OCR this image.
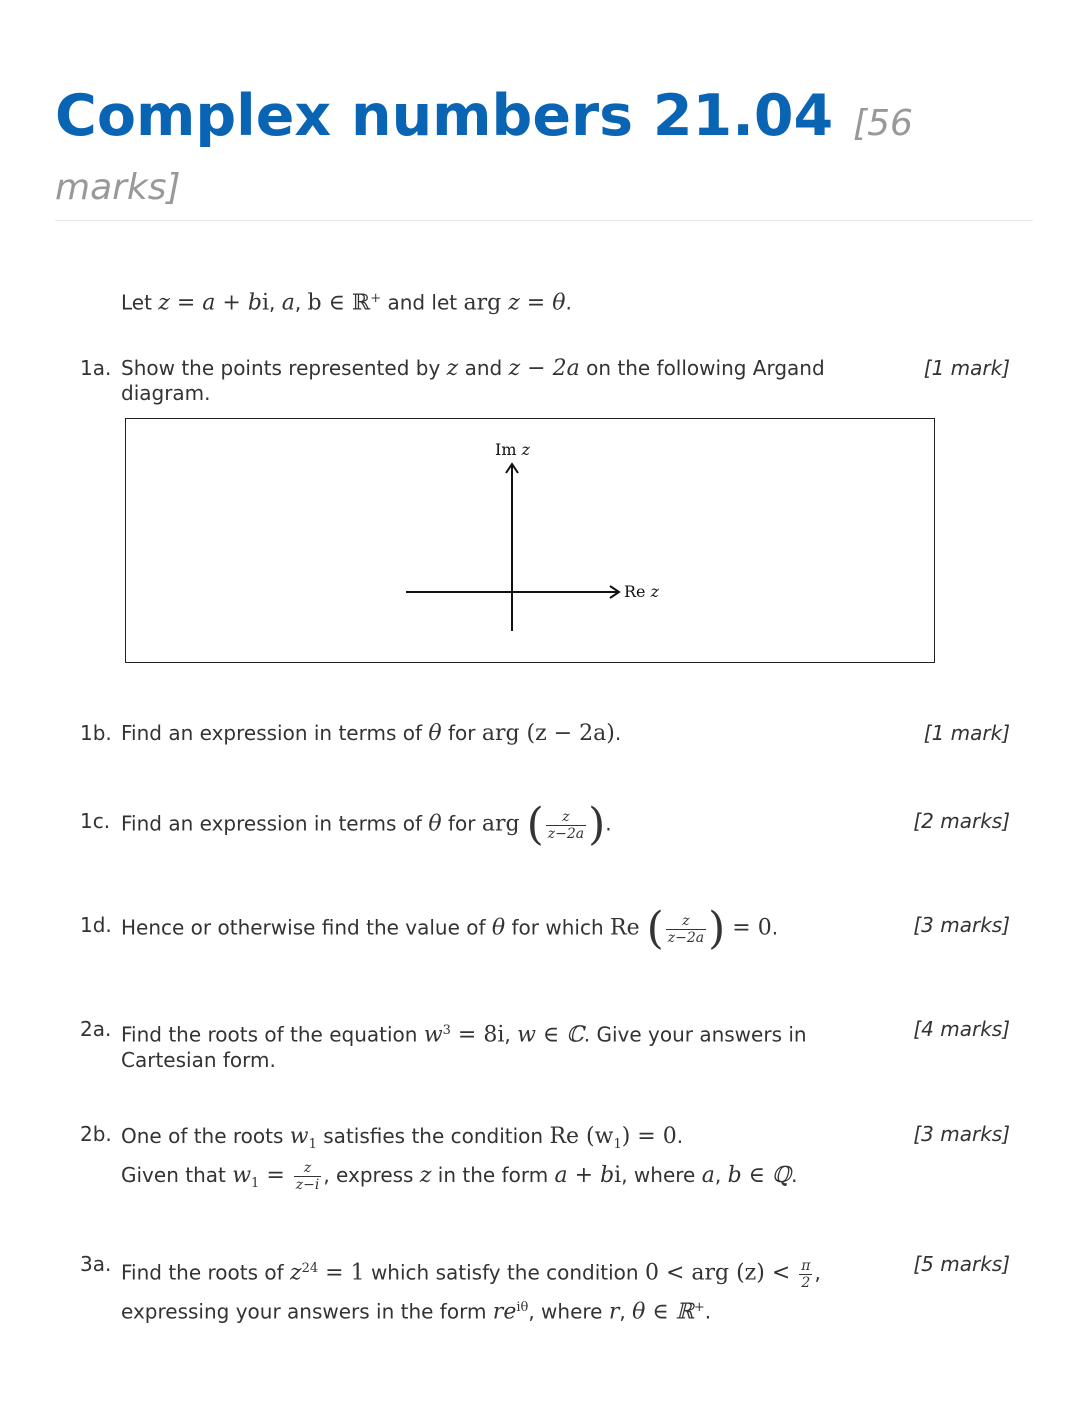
Complex numbers 21.04 [56 marks]
Let z = a + bi, a, b ∈ ℝ+ and let arg z = θ.
1a. Show the points represented by z and z − 2a on the following Argand diagram.
[1 mark]
Im z
Re z
1b. Find an expression in terms of θ for arg (z − 2a).	[1 mark]
1c. Find an expression in terms of θ for arg ( $\frac{z}{z-2a}$ ).	[2 marks]
1d. Hence or otherwise find the value of θ for which Re ( $\frac{z}{z-2a}$ ) = 0.	[3 marks]
2a. Find the roots of the equation $w^3 = 8i$, w ∈ ℂ. Give your answers in Cartesian form.
[4 marks]
2b. One of the roots $w_1$ satisfies the condition Re $(w_1) = 0$.
Given that $w_1 = \frac{z}{z-i}$ , express z in the form a + bi, where a, b ∈ ℚ.
[3 marks]
3a. Find the roots of $z^{24} = 1$ which satisfy the condition 0 < arg $(z) < \frac{\pi}{2}$ , expressing your answers in the form $re^{i\theta}$, where r, θ ∈ ℝ+.
[5 marks]
